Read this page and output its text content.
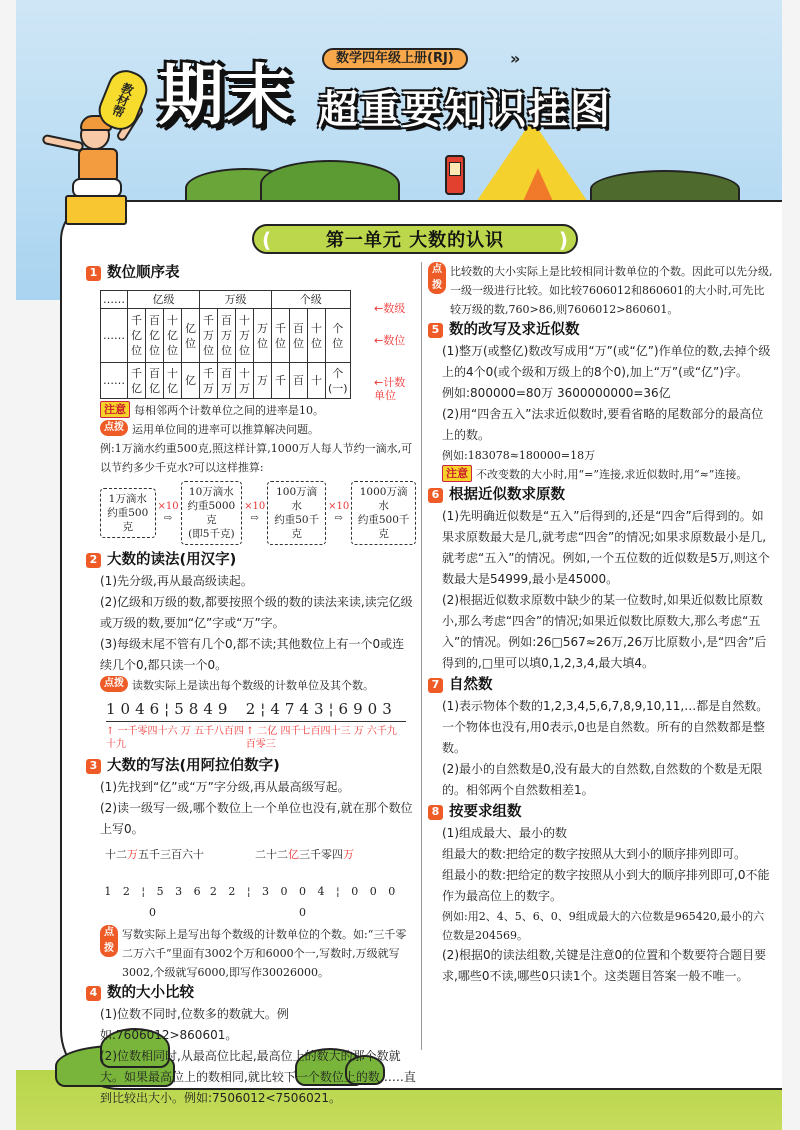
教材帮 期末	数学四年级上册(RJ)	»
超重要知识挂图
(	第一单元 大数的认识	)
1 数位顺序表
……	亿级				万级				个级			
……	千亿位	百亿位	十亿位	亿位	千万位	百万位	十万位	万位	千位	百位	十位	个位
……	千亿	百亿	十亿	亿	千万	百万	十万	万	千	百	十	个(一)
←数级
←数位
←计数单位
注意 每相邻两个计数单位之间的进率是10。
点拨 运用单位间的进率可以推算解决问题。
例:1万滴水约重500克,照这样计算,1000万人每人节约一滴水,可以节约多少千克水?可以这样推算:
1万滴水
约重500克
×10
⇨
10万滴水
约重5000克
(即5千克)
×10
⇨
100万滴水
约重50千克
×10
⇨
1000万滴水
约重500千克
2 大数的读法(用汉字)
(1)先分级,再从最高级读起。
(2)亿级和万级的数,都要按照个级的数的读法来读,读完亿级或万级的数,要加“亿”字或“万”字。
(3)每级末尾不管有几个0,都不读;其他数位上有一个0或连续几个0,都只读一个0。
点拨 读数实际上是读出每个数级的计数单位及其个数。
1046¦5849
↑ 一千零四十六 万 五千八百四十九
2¦4743¦6903
↑ 二亿 四千七百四十三 万 六千九百零三
3 大数的写法(用阿拉伯数字)
(1)先找到“亿”或“万”字分级,再从最高级写起。
(2)读一级写一级,哪个数位上一个单位也没有,就在那个数位上写0。
十二万五千三百六十
1 2 ¦ 5 3 6 0
二十二亿三千零四万
2 2 ¦ 3 0 0 4 ¦ 0 0 0 0
点拨
写数实际上是写出每个数级的计数单位的个数。如:“三千零二万六千”里面有3002个万和6000个一,写数时,万级就写3002,个级就写6000,即写作30026000。
4 数的大小比较
(1)位数不同时,位数多的数就大。例如:7606012>860601。
(2)位数相同时,从最高位比起,最高位上的数大的那个数就大。如果最高位上的数相同,就比较下一个数位上的数……直到比较出大小。例如:7506012<7506021。
点拨
比较数的大小实际上是比较相同计数单位的个数。因此可以先分级,一级一级进行比较。如比较7606012和860601的大小时,可先比较万级的数,760>86,则7606012>860601。
5 数的改写及求近似数
(1)整万(或整亿)数改写成用“万”(或“亿”)作单位的数,去掉个级上的4个0(或个级和万级上的8个0),加上“万”(或“亿”)字。
例如:800000=80万 3600000000=36亿
(2)用“四舍五入”法求近似数时,要看省略的尾数部分的最高位上的数。
例如:183078≈180000=18万
注意 不改变数的大小时,用“=”连接,求近似数时,用“≈”连接。
6 根据近似数求原数
(1)先明确近似数是“五入”后得到的,还是“四舍”后得到的。如果求原数最大是几,就考虑“四舍”的情况;如果求原数最小是几,就考虑“五入”的情况。例如,一个五位数的近似数是5万,则这个数最大是54999,最小是45000。
(2)根据近似数求原数中缺少的某一位数时,如果近似数比原数小,那么考虑“四舍”的情况;如果近似数比原数大,那么考虑“五入”的情况。例如:26□567≈26万,26万比原数小,是“四舍”后得到的,□里可以填0,1,2,3,4,最大填4。
7 自然数
(1)表示物体个数的1,2,3,4,5,6,7,8,9,10,11,…都是自然数。一个物体也没有,用0表示,0也是自然数。所有的自然数都是整数。
(2)最小的自然数是0,没有最大的自然数,自然数的个数是无限的。相邻两个自然数相差1。
8 按要求组数
(1)组成最大、最小的数
组最大的数:把给定的数字按照从大到小的顺序排列即可。
组最小的数:把给定的数字按照从小到大的顺序排列即可,0不能作为最高位上的数字。
例如:用2、4、5、6、0、9组成最大的六位数是965420,最小的六位数是204569。
(2)根据0的读法组数,关键是注意0的位置和个数要符合题目要求,哪些0不读,哪些0只读1个。这类题目答案一般不唯一。
